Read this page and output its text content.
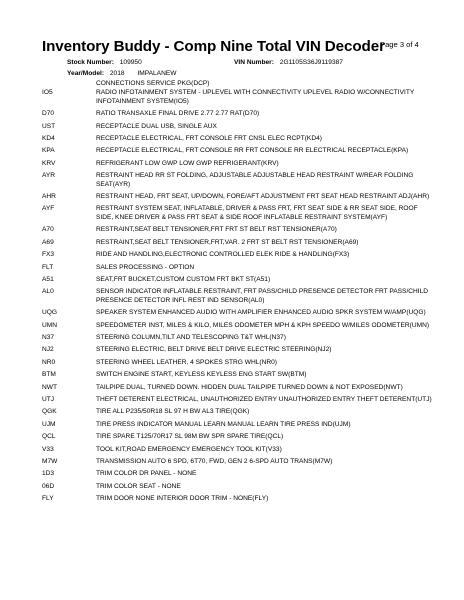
Inventory Buddy - Comp Nine Total VIN Decoder
Page 3 of 4
Stock Number: 109950	VIN Number: 2G1105S36J9119387
Year/Model: 2018 IMPALANEW
CONNECTIONS SERVICE PKG(DCP)
IO5	RADIO INFOTAINMENT SYSTEM - UPLEVEL WITH CONNECTIVITY UPLEVEL RADIO W/CONNECTIVITY INFOTAINMENT SYSTEM(IO5)
D70	RATIO TRANSAXLE FINAL DRIVE 2.77 2.77 RAT(D70)
UST	RECEPTACLE DUAL USB, SINGLE AUX
KD4	RECEPTACLE ELECTRICAL, FRT CONSOLE FRT CNSL ELEC RCPT(KD4)
KPA	RECEPTACLE ELECTRICAL, FRT CONSOLE RR FRT CONSOLE RR ELECTRICAL RECEPTACLE(KPA)
KRV	REFRIGERANT LOW GWP LOW GWP REFRIGERANT(KRV)
AYR	RESTRAINT HEAD RR ST FOLDING, ADJUSTABLE ADJUSTABLE HEAD RESTRAINT W/REAR FOLDING SEAT(AYR)
AHR	RESTRAINT HEAD, FRT SEAT, UP/DOWN, FORE/AFT ADJUSTMENT FRT SEAT HEAD RESTRAINT ADJ(AHR)
AYF	RESTRAINT SYSTEM SEAT, INFLATABLE, DRIVER & PASS FRT, FRT SEAT SIDE & RR SEAT SIDE, ROOF SIDE, KNEE DRIVER & PASS FRT SEAT & SIDE ROOF INFLATABLE RESTRAINT SYSTEM(AYF)
A70	RESTRAINT,SEAT BELT TENSIONER,FRT FRT ST BELT RST TENSIONER(A70)
A69	RESTRAINT,SEAT BELT TENSIONER,FRT,VAR. 2 FRT ST BELT RST TENSIONER(A69)
FX3	RIDE AND HANDLING,ELECTRONIC CONTROLLED ELEK RIDE & HANDLING(FX3)
FLT	SALES PROCESSING - OPTION
A51	SEAT,FRT BUCKET,CUSTOM CUSTOM FRT BKT ST(A51)
AL0	SENSOR INDICATOR INFLATABLE RESTRAINT, FRT PASS/CHILD PRESENCE DETECTOR FRT PASS/CHILD PRESENCE DETECTOR INFL REST IND SENSOR(AL0)
UQG	SPEAKER SYSTEM ENHANCED AUDIO WITH AMPLIFIER ENHANCED AUDIO SPKR SYSTEM W/AMP(UQG)
UMN	SPEEDOMETER INST, MILES & KILO, MILES ODOMETER MPH & KPH SPEEDO W/MILES ODOMETER(UMN)
N37	STEERING COLUMN,TILT AND TELESCOPING T&T WHL(N37)
NJ2	STEERING ELECTRIC, BELT DRIVE BELT DRIVE ELECTRIC STEERING(NJ2)
NR0	STEERING WHEEL LEATHER, 4 SPOKES STRG WHL(NR0)
BTM	SWITCH ENGINE START, KEYLESS KEYLESS ENG START SW(BTM)
NWT	TAILPIPE DUAL, TURNED DOWN. HIDDEN DUAL TAILPIPE TURNED DOWN & NOT EXPOSED(NWT)
UTJ	THEFT DETERENT ELECTRICAL, UNAUTHORIZED ENTRY UNAUTHORIZED ENTRY THEFT DETERENT(UTJ)
QGK	TIRE ALL P235/50R18 SL 97 H BW AL3 TIRE(QGK)
UJM	TIRE PRESS INDICATOR MANUAL LEARN MANUAL LEARN TIRE PRESS IND(UJM)
QCL	TIRE SPARE T125/70R17 SL 98M BW SPR SPARE TIRE(QCL)
V33	TOOL KIT,ROAD EMERGENCY EMERGENCY TOOL KIT(V33)
M7W	TRANSMISSION AUTO 6 SPD, 6T70, FWD, GEN 2 6-SPD AUTO TRANS(M7W)
1D3	TRIM COLOR DR PANEL - NONE
06D	TRIM COLOR SEAT - NONE
FLY	TRIM DOOR NONE INTERIOR DOOR TRIM - NONE(FLY)
